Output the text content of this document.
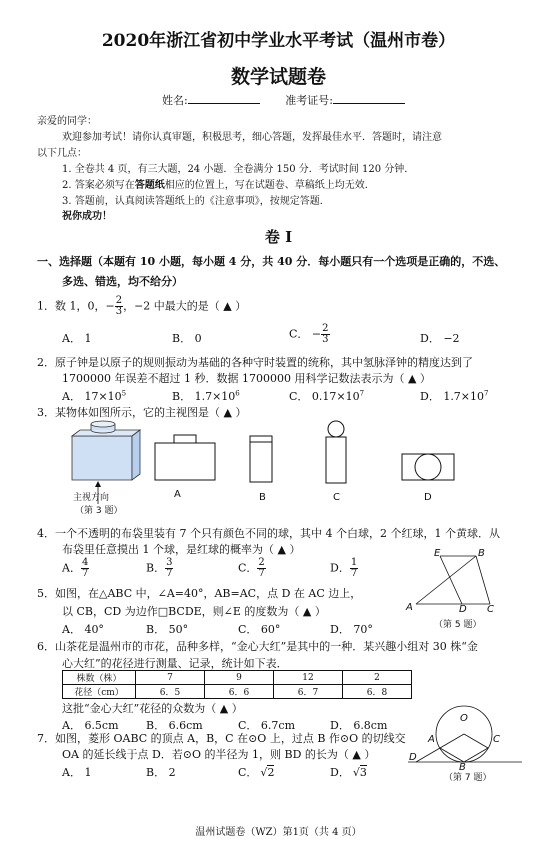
2020年浙江省初中学业水平考试（温州市卷）
数学试题卷
姓名:	准考证号:
亲爱的同学：
欢迎参加考试！请你认真审题，积极思考，细心答题，发挥最佳水平．答题时，请注意
以下几点：
1. 全卷共 4 页，有三大题，24 小题．全卷满分 150 分．考试时间 120 分钟．
2. 答案必须写在答题纸相应的位置上，写在试题卷、草稿纸上均无效．
3. 答题前，认真阅读答题纸上的《注意事项》，按规定答题．
祝你成功！
卷 I
一、选择题（本题有 10 小题，每小题 4 分，共 40 分．每小题只有一个选项是正确的，不选、
多选、错选，均不给分）
1．数 1，0，− $\frac{2}{3}$ ，−2 中最大的是（ ▲ ）
A． 1	B． 0	C． − $\frac{2}{3}$	D． −2
2．原子钟是以原子的规则振动为基础的各种守时装置的统称，其中氢脉泽钟的精度达到了
1700000 年误差不超过 1 秒．数据 1700000 用科学记数法表示为（ ▲ ）
A． $17\times 10^5$	B． $1.7\times 10^6$	C． $0.17\times 10^7$	D． $1.7\times 10^7$
3．某物体如图所示，它的主视图是（ ▲ ）
主视方向
（第 3 题）
A	B	C	D
4．一个不透明的布袋里装有 7 个只有颜色不同的球，其中 4 个白球，2 个红球，1 个黄球．从
布袋里任意摸出 1 个球，是红球的概率为（ ▲ ）
A． $\frac{4}{7}$	B． $\frac{3}{7}$	C． $\frac{2}{7}$	D． $\frac{1}{7}$
E	B
A	D C
（第 5 题）
5．如图，在△ABC 中，∠A=40°，AB=AC，点 D 在 AC 边上，
以 CB，CD 为边作□BCDE，则∠E 的度数为（ ▲ ）
A． 40°	B． 50°	C． 60°	D． 70°
6．山茶花是温州市的市花，品种多样，“金心大红”是其中的一种．某兴趣小组对 30 株“金
心大红”的花径进行测量、记录，统计如下表．
株数（株）	7	9	12	2
花径（cm）	6．5	6．6	6．7	6．8
这批“金心大红”花径的众数为（ ▲ ）
A． 6.5cm B． 6.6cm	C． 6.7cm	D． 6.8cm
O
A	C
D
B
（第 7 题）
7．如图，菱形 OABC 的顶点 A，B，C 在⊙O 上，过点 B 作⊙O 的切线交
OA 的延长线于点 D．若⊙O 的半径为 1，则 BD 的长为（ ▲ ）
A． 1	B． 2	C． √2	D． √3
温州试题卷（WZ）第1页（共 4 页）
